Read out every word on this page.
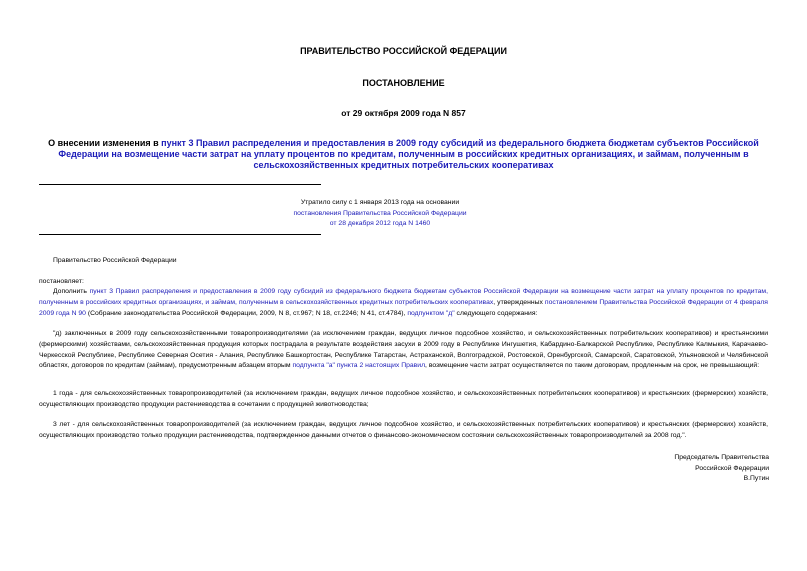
ПРАВИТЕЛЬСТВО РОССИЙСКОЙ ФЕДЕРАЦИИ
ПОСТАНОВЛЕНИЕ
от 29 октября 2009 года N 857
О внесении изменения в пункт 3 Правил распределения и предоставления в 2009 году субсидий из федерального бюджета бюджетам субъектов Российской Федерации на возмещение части затрат на уплату процентов по кредитам, полученным в российских кредитных организациях, и займам, полученным в сельскохозяйственных кредитных потребительских кооперативах
Утратило силу с 1 января 2013 года на основании
постановления Правительства Российской Федерации
от 28 декабря 2012 года N 1460
Правительство Российской Федерации
постановляет:
Дополнить пункт 3 Правил распределения и предоставления в 2009 году субсидий из федерального бюджета бюджетам субъектов Российской Федерации на возмещение части затрат на уплату процентов по кредитам, полученным в российских кредитных организациях, и займам, полученным в сельскохозяйственных кредитных потребительских кооперативах, утвержденных постановлением Правительства Российской Федерации от 4 февраля 2009 года N 90 (Собрание законодательства Российской Федерации, 2009, N 8, ст.967; N 18, ст.2246; N 41, ст.4784), подпунктом "д" следующего содержания:
"д) заключенных в 2009 году сельскохозяйственными товаропроизводителями (за исключением граждан, ведущих личное подсобное хозяйство, и сельскохозяйственных потребительских кооперативов) и крестьянскими (фермерскими) хозяйствами, сельскохозяйственная продукция которых пострадала в результате воздействия засухи в 2009 году в Республике Ингушетия, Кабардино-Балкарской Республике, Республике Калмыкия, Карачаево-Черкесской Республике, Республике Северная Осетия - Алания, Республике Башкортостан, Республике Татарстан, Астраханской, Волгоградской, Ростовской, Оренбургской, Самарской, Саратовской, Ульяновской и Челябинской областях, договоров по кредитам (займам), предусмотренным абзацем вторым подпункта "а" пункта 2 настоящих Правил, возмещение части затрат осуществляется по таким договорам, продленным на срок, не превышающий:
1 года - для сельскохозяйственных товаропроизводителей (за исключением граждан, ведущих личное подсобное хозяйство, и сельскохозяйственных потребительских кооперативов) и крестьянских (фермерских) хозяйств, осуществляющих производство продукции растениеводства в сочетании с продукцией животноводства;
3 лет - для сельскохозяйственных товаропроизводителей (за исключением граждан, ведущих личное подсобное хозяйство, и сельскохозяйственных потребительских кооперативов) и крестьянских (фермерских) хозяйств, осуществляющих производство только продукции растениеводства, подтвержденное данными отчетов о финансово-экономическом состоянии сельскохозяйственных товаропроизводителей за 2008 год.".
Председатель Правительства
Российской Федерации
В.Путин
